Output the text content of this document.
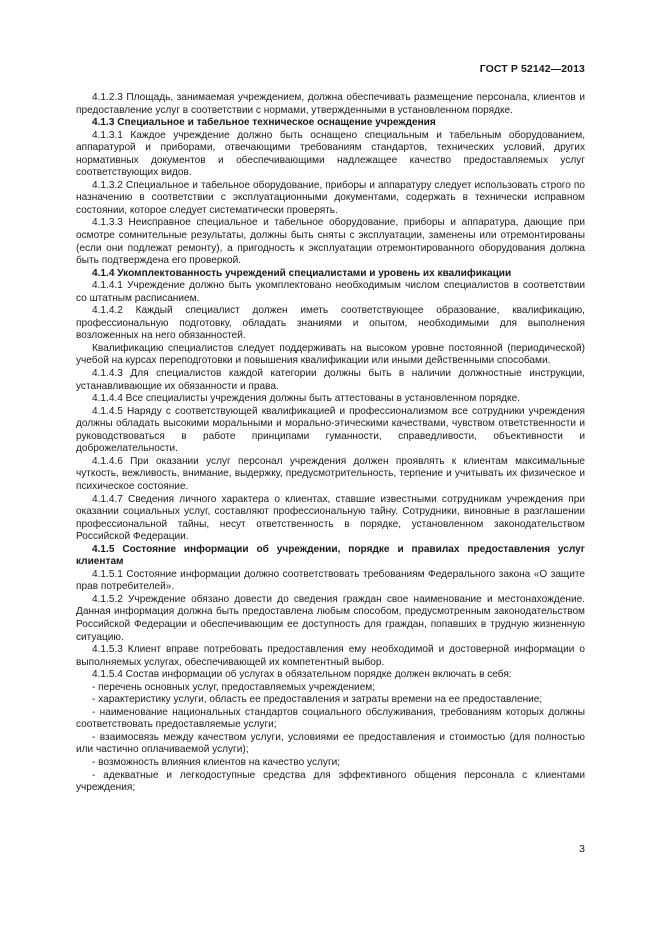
ГОСТ Р 52142—2013

4.1.2.3 Площадь, занимаемая учреждением, должна обеспечивать размещение персонала, клиентов и предоставление услуг в соответствии с нормами, утвержденными в установленном порядке.

4.1.3 Специальное и табельное техническое оснащение учреждения

4.1.3.1 Каждое учреждение должно быть оснащено специальным и табельным оборудованием, аппаратурой и приборами, отвечающими требованиям стандартов, технических условий, других нормативных документов и обеспечивающими надлежащее качество предоставляемых услуг соответствующих видов.

4.1.3.2 Специальное и табельное оборудование, приборы и аппаратуру следует использовать строго по назначению в соответствии с эксплуатационными документами, содержать в технически исправном состоянии, которое следует систематически проверять.

4.1.3.3 Неисправное специальное и табельное оборудование, приборы и аппаратура, дающие при осмотре сомнительные результаты, должны быть сняты с эксплуатации, заменены или отремонтированы (если они подлежат ремонту), а пригодность к эксплуатации отремонтированного оборудования должна быть подтверждена его проверкой.

4.1.4 Укомплектованность учреждений специалистами и уровень их квалификации

4.1.4.1 Учреждение должно быть укомплектовано необходимым числом специалистов в соответствии со штатным расписанием.

4.1.4.2 Каждый специалист должен иметь соответствующее образование, квалификацию, профессиональную подготовку, обладать знаниями и опытом, необходимыми для выполнения возложенных на него обязанностей.

Квалификацию специалистов следует поддерживать на высоком уровне постоянной (периодической) учебой на курсах переподготовки и повышения квалификации или иными действенными способами.

4.1.4.3 Для специалистов каждой категории должны быть в наличии должностные инструкции, устанавливающие их обязанности и права.

4.1.4.4 Все специалисты учреждения должны быть аттестованы в установленном порядке.

4.1.4.5 Наряду с соответствующей квалификацией и профессионализмом все сотрудники учреждения должны обладать высокими моральными и морально-этическими качествами, чувством ответственности и руководствоваться в работе принципами гуманности, справедливости, объективности и доброжелательности.

4.1.4.6 При оказании услуг персонал учреждения должен проявлять к клиентам максимальные чуткость, вежливость, внимание, выдержку, предусмотрительность, терпение и учитывать их физическое и психическое состояние.

4.1.4.7 Сведения личного характера о клиентах, ставшие известными сотрудникам учреждения при оказании социальных услуг, составляют профессиональную тайну. Сотрудники, виновные в разглашении профессиональной тайны, несут ответственность в порядке, установленном законодательством Российской Федерации.

4.1.5 Состояние информации об учреждении, порядке и правилах предоставления услуг клиентам

4.1.5.1 Состояние информации должно соответствовать требованиям Федерального закона «О защите прав потребителей».

4.1.5.2 Учреждение обязано довести до сведения граждан свое наименование и местонахождение. Данная информация должна быть предоставлена любым способом, предусмотренным законодательством Российской Федерации и обеспечивающим ее доступность для граждан, попавших в трудную жизненную ситуацию.

4.1.5.3 Клиент вправе потребовать предоставления ему необходимой и достоверной информации о выполняемых услугах, обеспечивающей их компетентный выбор.

4.1.5.4 Состав информации об услугах в обязательном порядке должен включать в себя:

- перечень основных услуг, предоставляемых учреждением;

- характеристику услуги, область ее предоставления и затраты времени на ее предоставление;

- наименование национальных стандартов социального обслуживания, требованиям которых должны соответствовать предоставляемые услуги;

- взаимосвязь между качеством услуги, условиями ее предоставления и стоимостью (для полностью или частично оплачиваемой услуги);

- возможность влияния клиентов на качество услуги;

- адекватные и легкодоступные средства для эффективного общения персонала с клиентами учреждения;

3
